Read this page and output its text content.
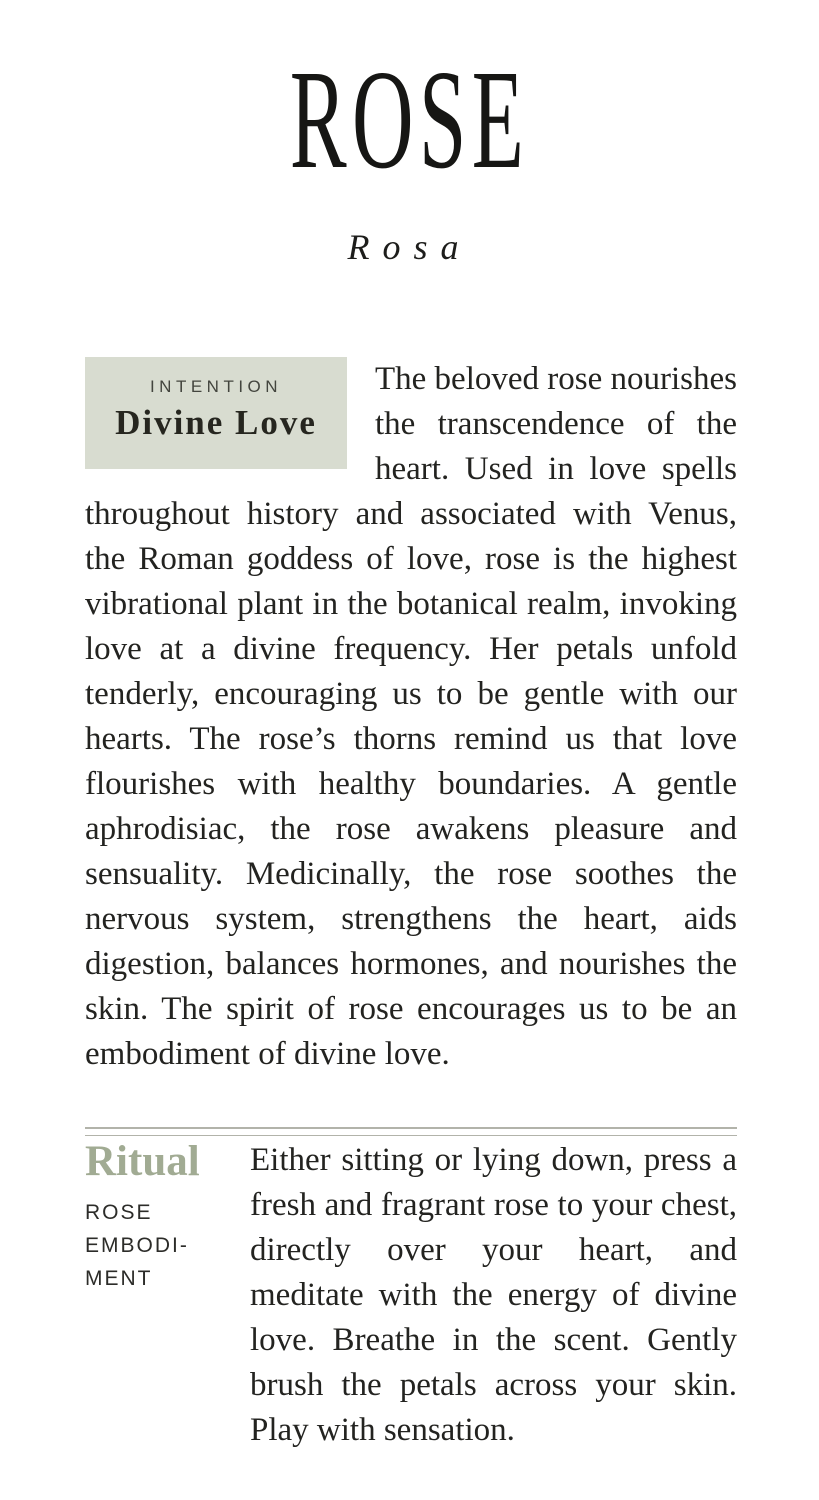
ROSE
Rosa
INTENTION
Divine Love
The beloved rose nourishes the transcendence of the heart. Used in love spells throughout history and associated with Venus, the Roman goddess of love, rose is the highest vibrational plant in the botanical realm, invoking love at a divine frequency. Her petals unfold tenderly, encouraging us to be gentle with our hearts. The rose’s thorns remind us that love flourishes with healthy boundaries. A gentle aphrodisiac, the rose awakens pleasure and sensuality. Medicinally, the rose soothes the nervous system, strengthens the heart, aids digestion, balances hormones, and nourishes the skin. The spirit of rose encourages us to be an embodiment of divine love.
Ritual
ROSE
EMBODI-
MENT
Either sitting or lying down, press a fresh and fragrant rose to your chest, directly over your heart, and meditate with the energy of divine love. Breathe in the scent. Gently brush the petals across your skin. Play with sensation.
